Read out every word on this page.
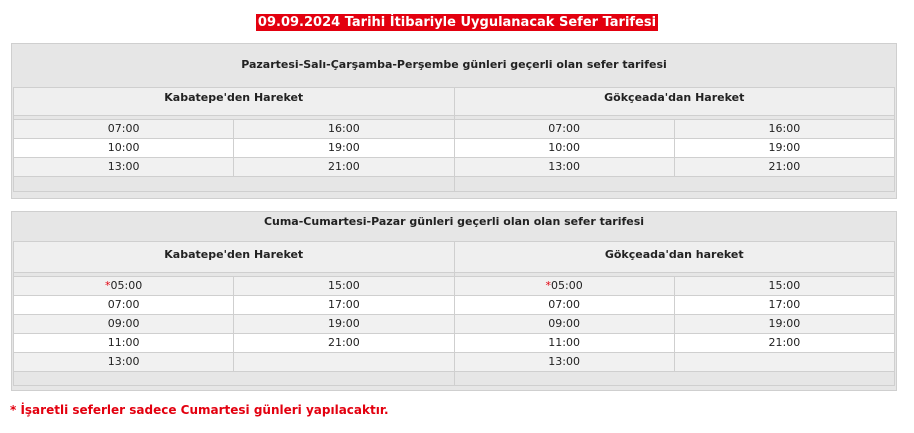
09.09.2024 Tarihi İtibariyle Uygulanacak Sefer Tarifesi
Pazartesi-Salı-Çarşamba-Perşembe günleri geçerli olan sefer tarifesi
Kabatepe'den Hareket
07:00	16:00
10:00	19:00
13:00	21:00
Gökçeada'dan Hareket
07:00	16:00
10:00	19:00
13:00	21:00
Cuma-Cumartesi-Pazar günleri geçerli olan olan sefer tarifesi
Kabatepe'den Hareket
*05:00	15:00
07:00	17:00
09:00	19:00
11:00	21:00
13:00
Gökçeada'dan hareket
*05:00	15:00
07:00	17:00
09:00	19:00
11:00	21:00
13:00
* İşaretli seferler sadece Cumartesi günleri yapılacaktır.
